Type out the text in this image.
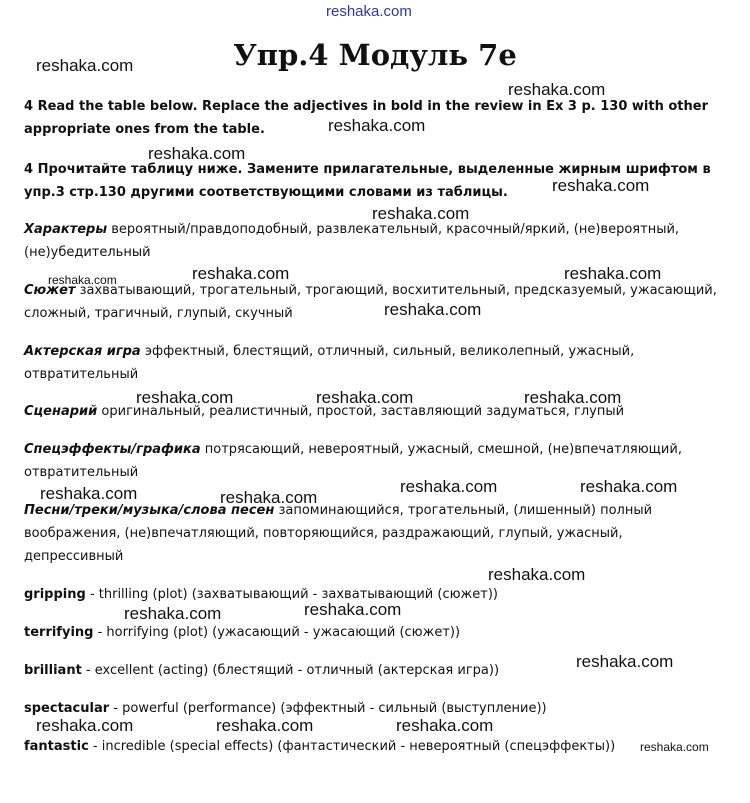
reshaka.com
Упр.4 Модуль 7е
4 Read the table below. Replace the adjectives in bold in the review in Ex 3 p. 130 with other appropriate ones from the table.
4 Прочитайте таблицу ниже. Замените прилагательные, выделенные жирным шрифтом в упр.3 стр.130 другими соответствующими словами из таблицы.
Характеры вероятный/правдоподобный, развлекательный, красочный/яркий, (не)вероятный, (не)убедительный
Сюжет захватывающий, трогательный, трогающий, восхитительный, предсказуемый, ужасающий, сложный, трагичный, глупый, скучный
Актерская игра эффектный, блестящий, отличный, сильный, великолепный, ужасный, отвратительный
Сценарий оригинальный, реалистичный, простой, заставляющий задуматься, глупый
Спецэффекты/графика потрясающий, невероятный, ужасный, смешной, (не)впечатляющий, отвратительный
Песни/треки/музыка/слова песен запоминающийся, трогательный, (лишенный) полный воображения, (не)впечатляющий, повторяющийся, раздражающий, глупый, ужасный, депрессивный
gripping - thrilling (plot) (захватывающий - захватывающий (сюжет))
terrifying - horrifying (plot) (ужасающий - ужасающий (сюжет))
brilliant - excellent (acting) (блестящий - отличный (актерская игра))
spectacular - powerful (performance) (эффектный - сильный (выступление))
fantastic - incredible (special effects) (фантастический - невероятный (спецэффекты))
reshaka.com
reshaka.com
reshaka.com
reshaka.com
reshaka.com
reshaka.com
reshaka.com	reshaka.com
reshaka.com
reshaka.com
reshaka.com	reshaka.com	reshaka.com
reshaka.com	reshaka.com
reshaka.com	reshaka.com
reshaka.com
reshaka.com	reshaka.com
reshaka.com
reshaka.com	reshaka.com	reshaka.com
reshaka.com
